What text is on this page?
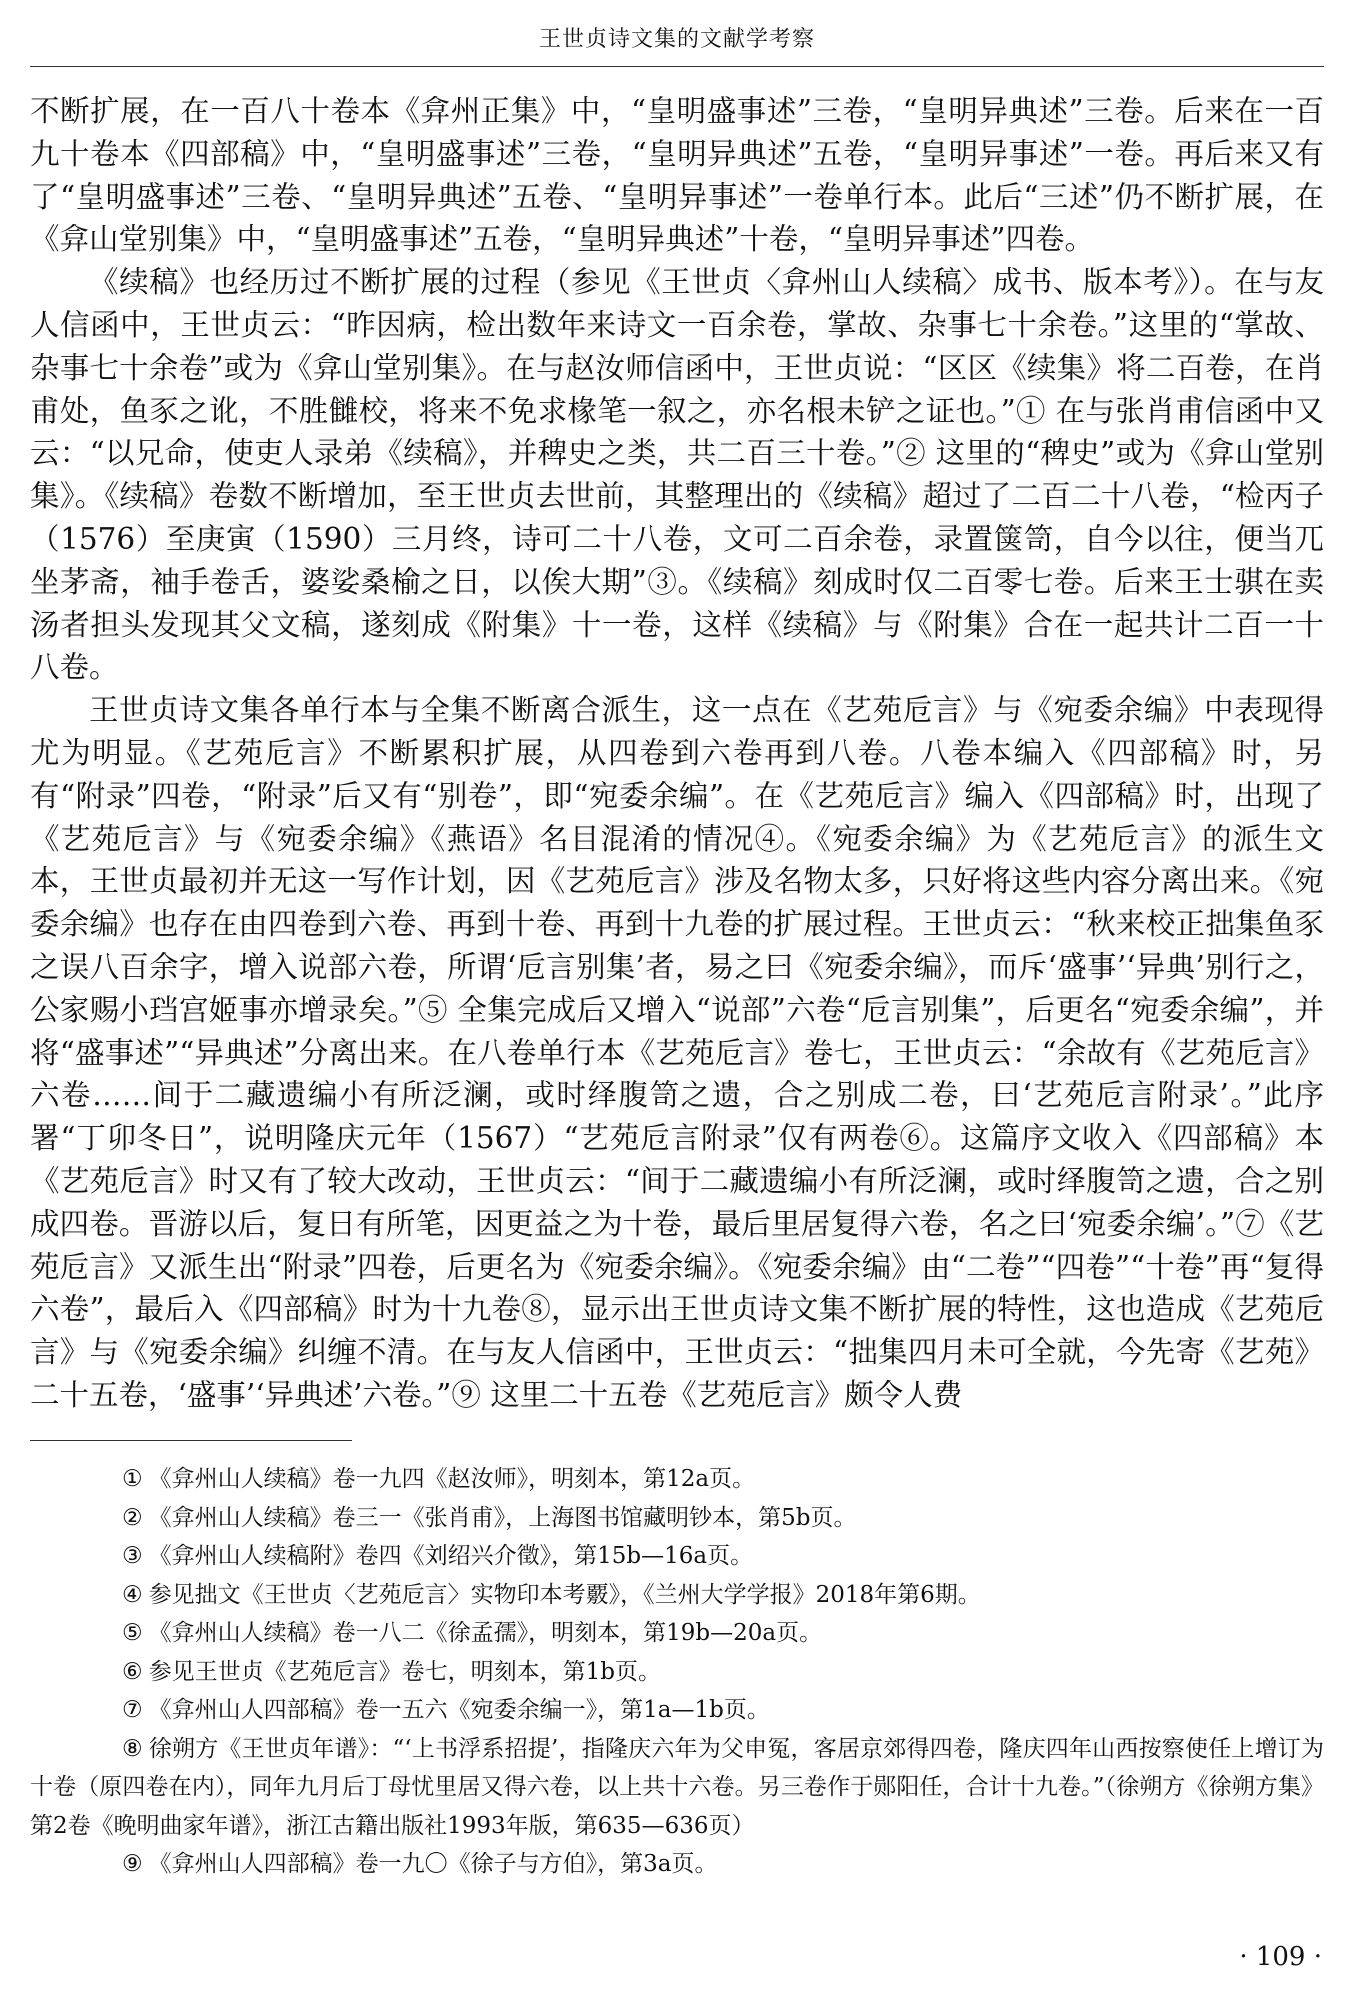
王世贞诗文集的文献学考察

不断扩展，在一百八十卷本《弇州正集》中，“皇明盛事述”三卷，“皇明异典述”三卷。后来在一百九十卷本《四部稿》中，“皇明盛事述”三卷，“皇明异典述”五卷，“皇明异事述”一卷。再后来又有了“皇明盛事述”三卷、“皇明异典述”五卷、“皇明异事述”一卷单行本。此后“三述”仍不断扩展，在《弇山堂别集》中，“皇明盛事述”五卷，“皇明异典述”十卷，“皇明异事述”四卷。

《续稿》也经历过不断扩展的过程（参见《王世贞〈弇州山人续稿〉成书、版本考》）。在与友人信函中，王世贞云：“昨因病，检出数年来诗文一百余卷，掌故、杂事七十余卷。”这里的“掌故、杂事七十余卷”或为《弇山堂别集》。在与赵汝师信函中，王世贞说：“区区《续集》将二百卷，在肖甫处，鱼豕之讹，不胜雠校，将来不免求椽笔一叙之，亦名根未铲之证也。”① 在与张肖甫信函中又云：“以兄命，使吏人录弟《续稿》，并稗史之类，共二百三十卷。”② 这里的“稗史”或为《弇山堂别集》。《续稿》卷数不断增加，至王世贞去世前，其整理出的《续稿》超过了二百二十八卷，“检丙子（1576）至庚寅（1590）三月终，诗可二十八卷，文可二百余卷，录置箧笥，自今以往，便当兀坐茅斋，袖手卷舌，婆娑桑榆之日，以俟大期”③。《续稿》刻成时仅二百零七卷。后来王士骐在卖汤者担头发现其父文稿，遂刻成《附集》十一卷，这样《续稿》与《附集》合在一起共计二百一十八卷。

王世贞诗文集各单行本与全集不断离合派生，这一点在《艺苑卮言》与《宛委余编》中表现得尤为明显。《艺苑卮言》不断累积扩展，从四卷到六卷再到八卷。八卷本编入《四部稿》时，另有“附录”四卷，“附录”后又有“别卷”，即“宛委余编”。在《艺苑卮言》编入《四部稿》时，出现了《艺苑卮言》与《宛委余编》《燕语》名目混淆的情况④。《宛委余编》为《艺苑卮言》的派生文本，王世贞最初并无这一写作计划，因《艺苑卮言》涉及名物太多，只好将这些内容分离出来。《宛委余编》也存在由四卷到六卷、再到十卷、再到十九卷的扩展过程。王世贞云：“秋来校正拙集鱼豕之误八百余字，增入说部六卷，所谓‘卮言别集’者，易之曰《宛委余编》，而斥‘盛事’‘异典’别行之，公家赐小珰宫姬事亦增录矣。”⑤ 全集完成后又增入“说部”六卷“卮言别集”，后更名“宛委余编”，并将“盛事述”“异典述”分离出来。在八卷单行本《艺苑卮言》卷七，王世贞云：“余故有《艺苑卮言》六卷……间于二藏遗编小有所泛澜，或时绎腹笥之遗，合之别成二卷，曰‘艺苑卮言附录’。”此序署“丁卯冬日”，说明隆庆元年（1567）“艺苑卮言附录”仅有两卷⑥。这篇序文收入《四部稿》本《艺苑卮言》时又有了较大改动，王世贞云：“间于二藏遗编小有所泛澜，或时绎腹笥之遗，合之别成四卷。晋游以后，复日有所笔，因更益之为十卷，最后里居复得六卷，名之曰‘宛委余编’。”⑦《艺苑卮言》又派生出“附录”四卷，后更名为《宛委余编》。《宛委余编》由“二卷”“四卷”“十卷”再“复得六卷”，最后入《四部稿》时为十九卷⑧，显示出王世贞诗文集不断扩展的特性，这也造成《艺苑卮言》与《宛委余编》纠缠不清。在与友人信函中，王世贞云：“拙集四月未可全就，今先寄《艺苑》二十五卷，‘盛事’‘异典述’六卷。”⑨ 这里二十五卷《艺苑卮言》颇令人费

① 《弇州山人续稿》卷一九四《赵汝师》，明刻本，第12a页。

② 《弇州山人续稿》卷三一《张肖甫》，上海图书馆藏明钞本，第5b页。

③ 《弇州山人续稿附》卷四《刘绍兴介徵》，第15b—16a页。

④ 参见拙文《王世贞〈艺苑卮言〉实物印本考覈》，《兰州大学学报》2018年第6期。

⑤ 《弇州山人续稿》卷一八二《徐孟孺》，明刻本，第19b—20a页。

⑥ 参见王世贞《艺苑卮言》卷七，明刻本，第1b页。

⑦ 《弇州山人四部稿》卷一五六《宛委余编一》，第1a—1b页。

⑧ 徐朔方《王世贞年谱》：“‘上书浮系招提’，指隆庆六年为父申冤，客居京郊得四卷，隆庆四年山西按察使任上增订为十卷（原四卷在内），同年九月后丁母忧里居又得六卷，以上共十六卷。另三卷作于郧阳任，合计十九卷。”（徐朔方《徐朔方集》第2卷《晚明曲家年谱》，浙江古籍出版社1993年版，第635—636页）

⑨ 《弇州山人四部稿》卷一九〇《徐子与方伯》，第3a页。

· 109 ·
